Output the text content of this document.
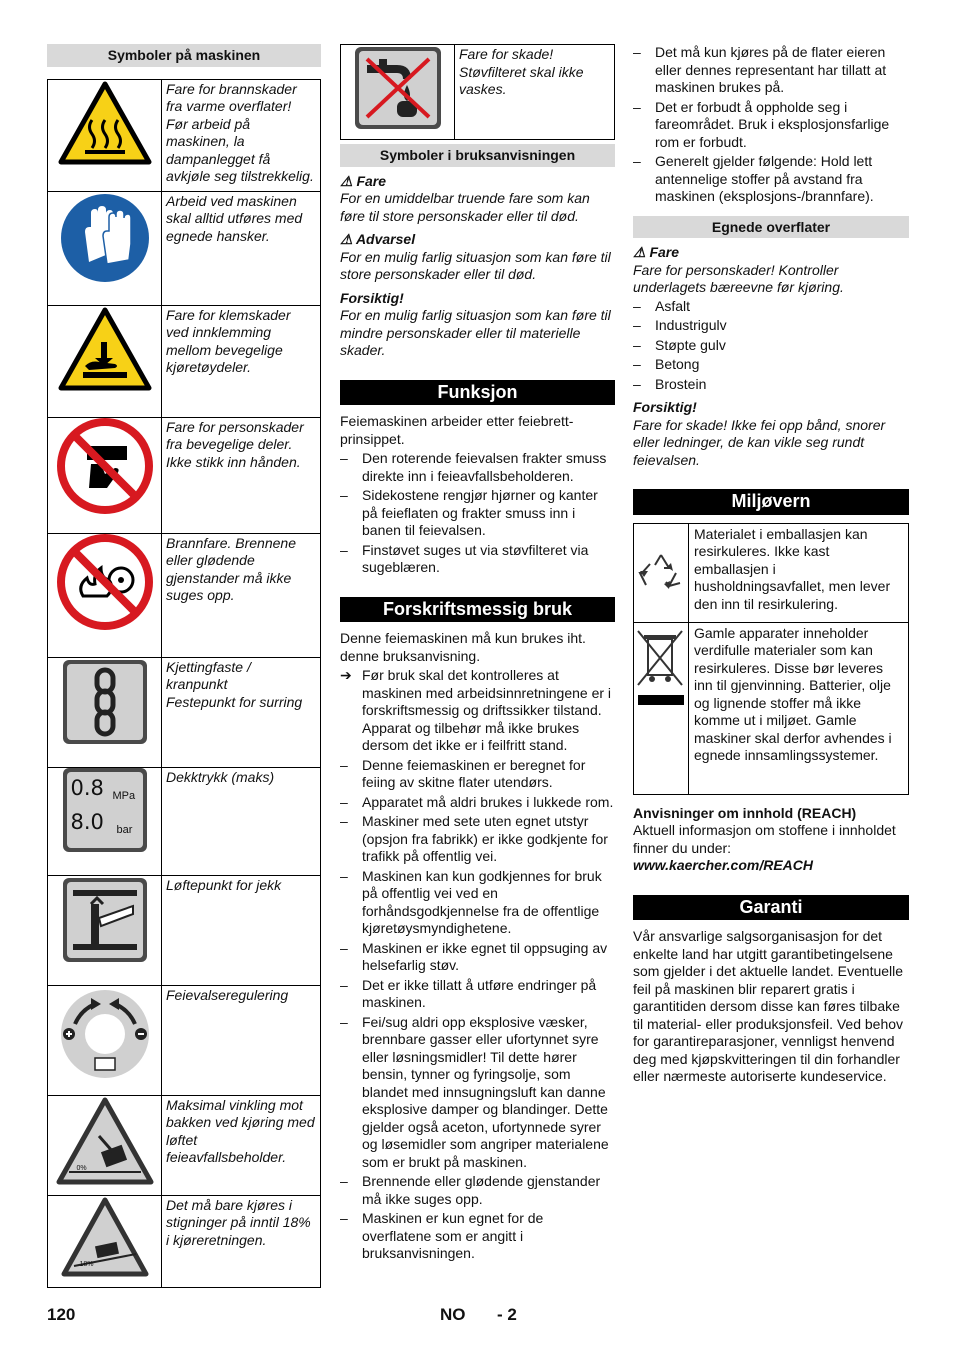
Symboler på maskinen
	Fare for brannskader fra varme overflater! Før arbeid på maskinen, la dampanlegget få avkjøle seg tilstrekkelig.

	Arbeid ved maskinen skal alltid utføres med egnede hansker.

	Fare for klemskader ved innklemming mellom bevegelige kjøretøydeler.

	Fare for personskader fra bevegelige deler. Ikke stikk inn hånden.

	Brannfare. Brennene eller glødende gjenstander må ikke suges opp.

	Kjettingfaste / kranpunkt
Festepunkt for surring

0.8 MPa
8.0 bar	Dekktrykk (maks)

	Løftepunkt for jekk

	Feievalseregulering

0%	Maksimal vinkling mot bakken ved kjøring med løftet feieavfallsbeholder.

18%	Det må bare kjøres i stigninger på inntil 18% i kjøreretningen.
	Fare for skade! Støvfilteret skal ikke vaskes.
Symboler i bruksanvisningen
⚠ Fare

For en umiddelbar truende fare som kan føre til store personskader eller til død.

⚠ Advarsel

For en mulig farlig situasjon som kan føre til store personskader eller til død.

Forsiktig!

For en mulig farlig situasjon som kan føre til mindre personskader eller til materielle skader.

Funksjon

Feiemaskinen arbeider etter feiebrett-prinsippet.

– Den roterende feievalsen frakter smuss direkte inn i feieavfallsbeholderen.
– Sidekostene rengjør hjørner og kanter på feieflaten og frakter smuss inn i banen til feievalsen.
– Finstøvet suges ut via støvfilteret via sugeblæren.
Forskriftsmessig bruk

Denne feiemaskinen må kun brukes iht. denne bruksanvisning.

➔ Før bruk skal det kontrolleres at maskinen med arbeidsinnretningene er i forskriftsmessig og driftssikker tilstand. Apparat og tilbehør må ikke brukes dersom det ikke er i feilfritt stand.
– Denne feiemaskinen er beregnet for feiing av skitne flater utendørs.
– Apparatet må aldri brukes i lukkede rom.
– Maskiner med sete uten egnet utstyr (opsjon fra fabrikk) er ikke godkjente for trafikk på offentlig vei.
– Maskinen kan kun godkjennes for bruk på offentlig vei ved en forhåndsgodkjennelse fra de offentlige kjøretøysmyndighetene.
– Maskinen er ikke egnet til oppsuging av helsefarlig støv.
– Det er ikke tillatt å utføre endringer på maskinen.
– Fei/sug aldri opp eksplosive væsker, brennbare gasser eller ufortynnet syre eller løsningsmidler! Til dette hører bensin, tynner og fyringsolje, som blandet med innsugningsluft kan danne eksplosive damper og blandinger. Dette gjelder også aceton, ufortynnede syrer og løsemidler som angriper materialene som er brukt på maskinen.
– Brennende eller glødende gjenstander må ikke suges opp.
– Maskinen er kun egnet for de overflatene som er angitt i bruksanvisningen.
– Det må kun kjøres på de flater eieren eller dennes representant har tillatt at maskinen brukes på.
– Det er forbudt å oppholde seg i fareområdet. Bruk i eksplosjonsfarlige rom er forbudt.
– Generelt gjelder følgende: Hold lett antennelige stoffer på avstand fra maskinen (eksplosjons-/brannfare).
Egnede overflater
⚠ Fare

Fare for personskader! Kontroller underlagets bæreevne før kjøring.

– Asfalt
– Industrigulv
– Støpte gulv
– Betong
– Brostein
Forsiktig!

Fare for skade! Ikke fei opp bånd, snorer eller ledninger, de kan vikle seg rundt feievalsen.

Miljøvern
	Materialet i emballasjen kan resirkuleres. Ikke kast emballasjen i husholdningsavfallet, men lever den inn til resirkulering.

	Gamle apparater inneholder verdifulle materialer som kan resirkuleres. Disse bør leveres inn til gjenvinning. Batterier, olje og lignende stoffer må ikke komme ut i miljøet. Gamle maskiner skal derfor avhendes i egnede innsamlingssystemer.
Anvisninger om innhold (REACH)

Aktuell informasjon om stoffene i innholdet finner du under:

www.kaercher.com/REACH

Garanti

Vår ansvarlige salgsorganisasjon for det enkelte land har utgitt garantibetingelsene som gjelder i det aktuelle landet. Eventuelle feil på maskinen blir reparert gratis i garantitiden dersom disse kan føres tilbake til material- eller produksjonsfeil. Ved behov for garantireparasjoner, vennligst henvend deg med kjøpskvitteringen til din forhandler eller nærmeste autoriserte kundeservice.

120	NO - 2
